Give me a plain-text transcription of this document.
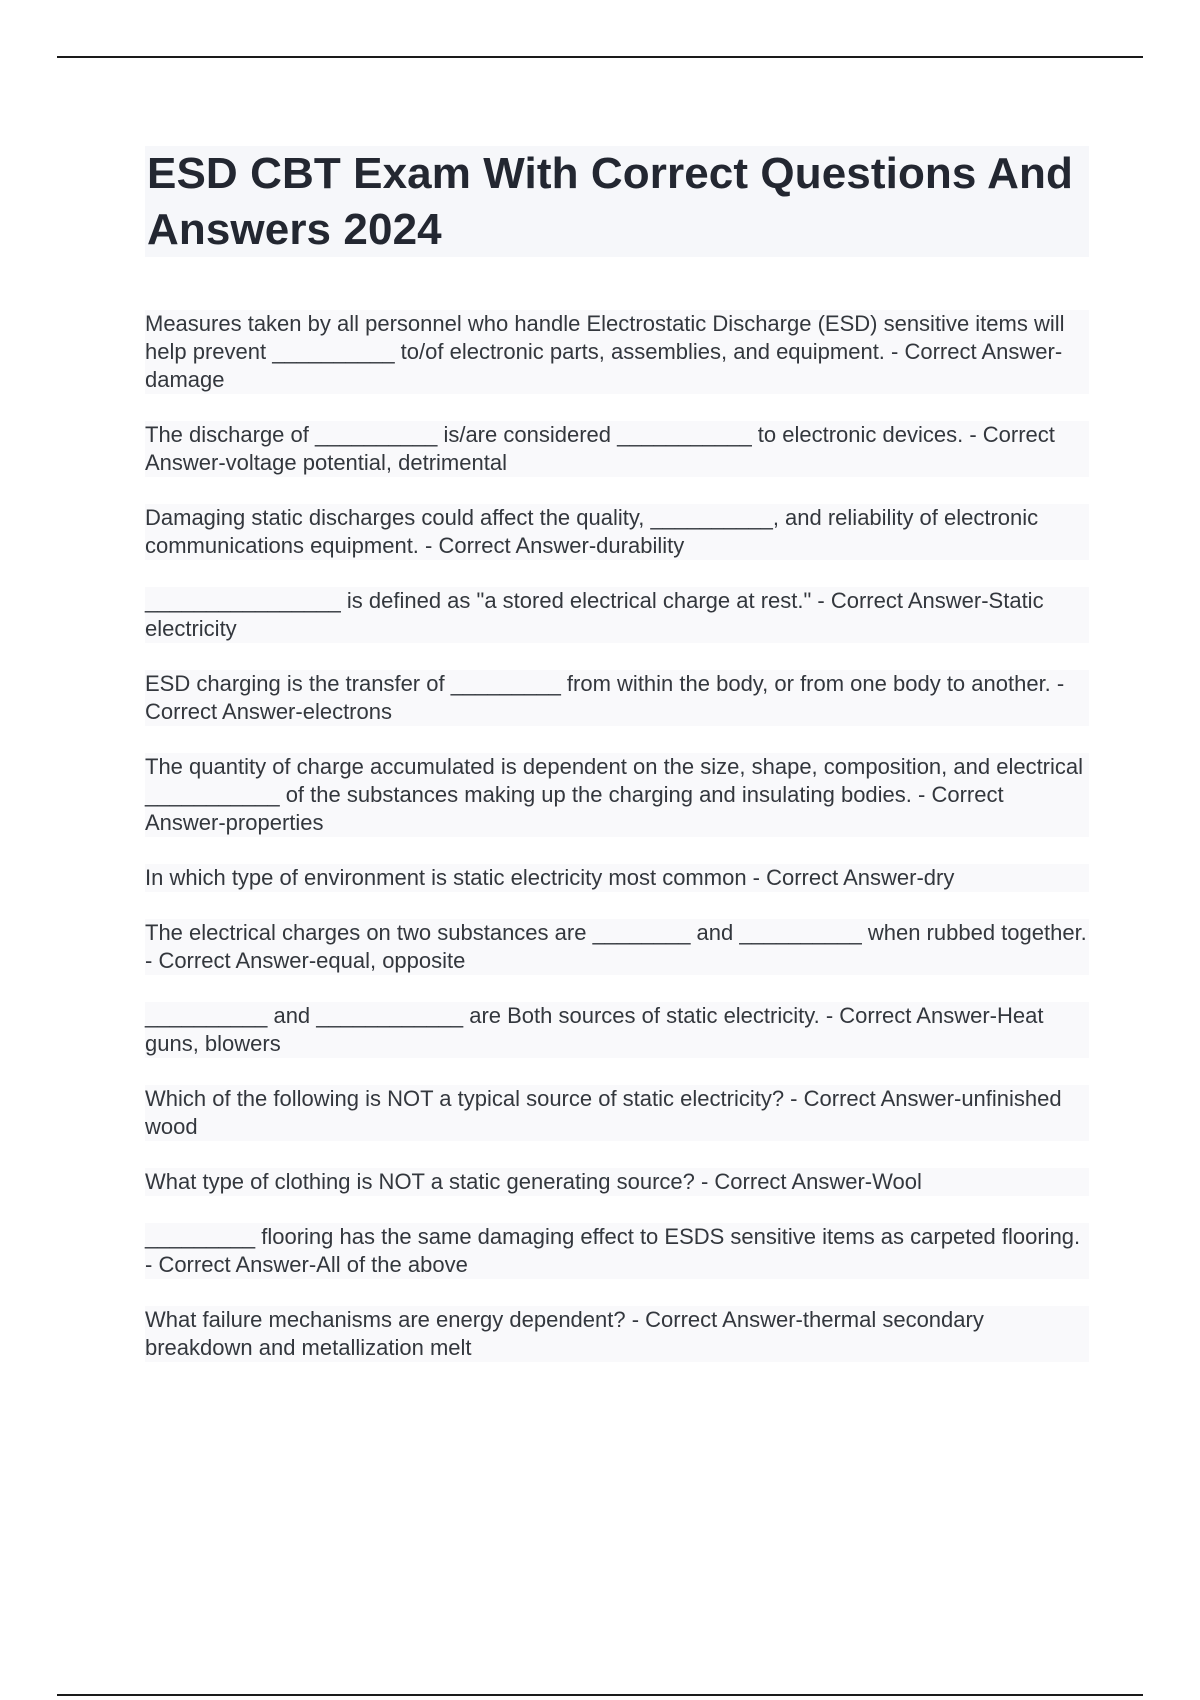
ESD CBT Exam With Correct Questions And Answers 2024

Measures taken by all personnel who handle Electrostatic Discharge (ESD) sensitive items will help prevent __________ to/of electronic parts, assemblies, and equipment. - Correct Answer-damage

The discharge of __________ is/are considered ___________ to electronic devices. - Correct Answer-voltage potential, detrimental

Damaging static discharges could affect the quality, __________, and reliability of electronic communications equipment. - Correct Answer-durability

________________ is defined as "a stored electrical charge at rest." - Correct Answer-Static electricity

ESD charging is the transfer of _________ from within the body, or from one body to another. - Correct Answer-electrons

The quantity of charge accumulated is dependent on the size, shape, composition, and electrical ___________ of the substances making up the charging and insulating bodies. - Correct Answer-properties

In which type of environment is static electricity most common - Correct Answer-dry

The electrical charges on two substances are ________ and __________ when rubbed together. - Correct Answer-equal, opposite

__________ and ____________ are Both sources of static electricity. - Correct Answer-Heat guns, blowers

Which of the following is NOT a typical source of static electricity? - Correct Answer-unfinished wood

What type of clothing is NOT a static generating source? - Correct Answer-Wool

_________ flooring has the same damaging effect to ESDS sensitive items as carpeted flooring. - Correct Answer-All of the above

What failure mechanisms are energy dependent? - Correct Answer-thermal secondary breakdown and metallization melt
